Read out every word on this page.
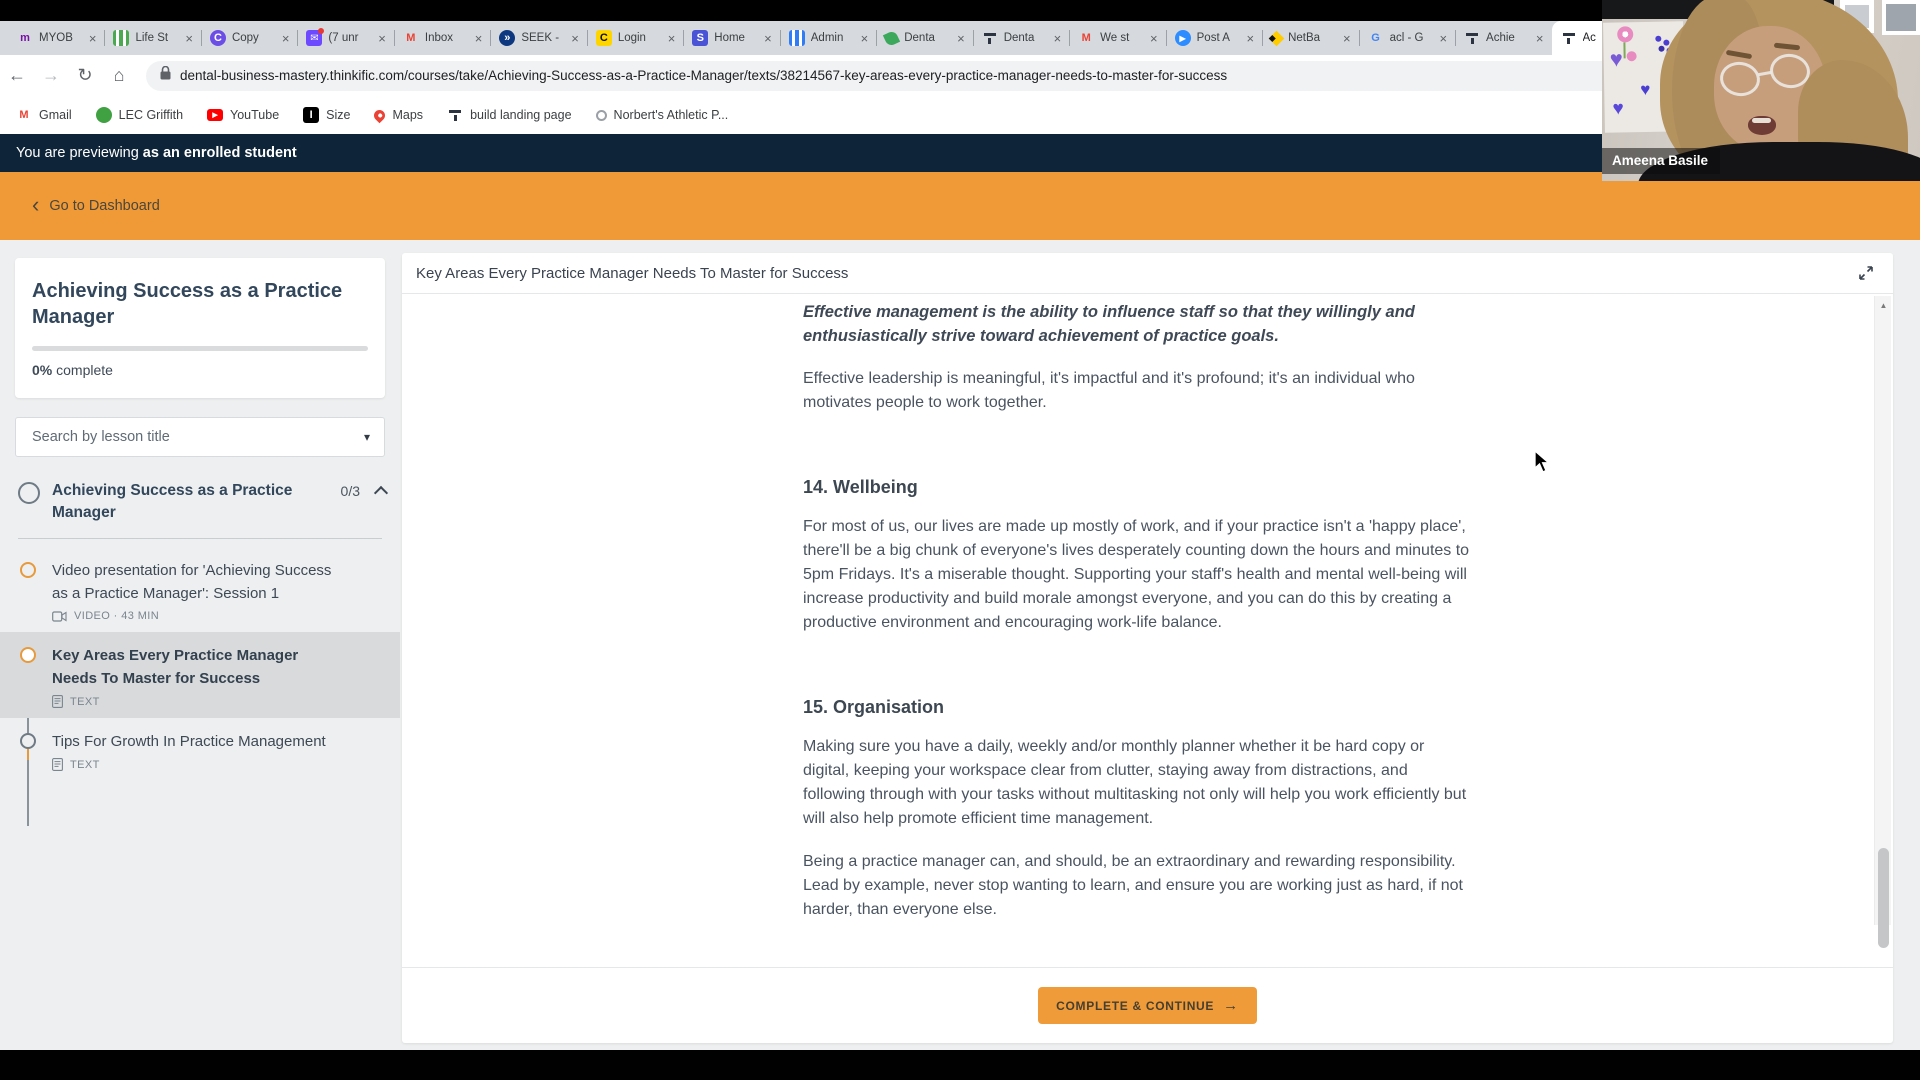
m MYOB	×	Life St	×	C Copy	×	✉ (7 unr	×	M Inbox	×	» SEEK - ×	C Login	×	S Home	×	Admin	×	Denta	×	Denta	×	M We st	× ▶	Post A	×	NetBa	×	G acl - G	×	Achie	×	Ac
← → ↻	⌂	dental-business-mastery.thinkific.com/courses/take/Achieving-Success-as-a-Practice-Manager/texts/38214567-key-areas-every-practice-manager-needs-to-master-for-success
M Gmail	LEC Griffith	▶ YouTube	I	Size	Maps	build landing page	Norbert's Athletic P...
You are previewing as an enrolled student
‹ Go to Dashboard
Achieving Success as a Practice Manager
0% complete
Search by lesson title	▾
Achieving Success as a Practice Manager
0/3
Video presentation for 'Achieving Success as a Practice Manager': Session 1
VIDEO · 43 MIN
Key Areas Every Practice Manager Needs To Master for Success
TEXT
Tips For Growth In Practice Management
TEXT
Key Areas Every Practice Manager Needs To Master for Success
Effective management is the ability to influence staff so that they willingly and enthusiastically strive toward achievement of practice goals.

Effective leadership is meaningful, it's impactful and it's profound; it's an individual who motivates people to work together.

14. Wellbeing

For most of us, our lives are made up mostly of work, and if your practice isn't a 'happy place', there'll be a big chunk of everyone's lives desperately counting down the hours and minutes to 5pm Fridays. It's a miserable thought. Supporting your staff's health and mental well-being will increase productivity and build morale amongst everyone, and you can do this by creating a productive environment and encouraging work-life balance.

15. Organisation

Making sure you have a daily, weekly and/or monthly planner whether it be hard copy or digital, keeping your workspace clear from clutter, staying away from distractions, and following through with your tasks without multitasking not only will help you work efficiently but will also help promote efficient time management.

Being a practice manager can, and should, be an extraordinary and rewarding responsibility. Lead by example, never stop wanting to learn, and ensure you are working just as hard, if not harder, than everyone else.

▲
COMPLETE & CONTINUE →
♥
♥
♥
Ameena Basile
